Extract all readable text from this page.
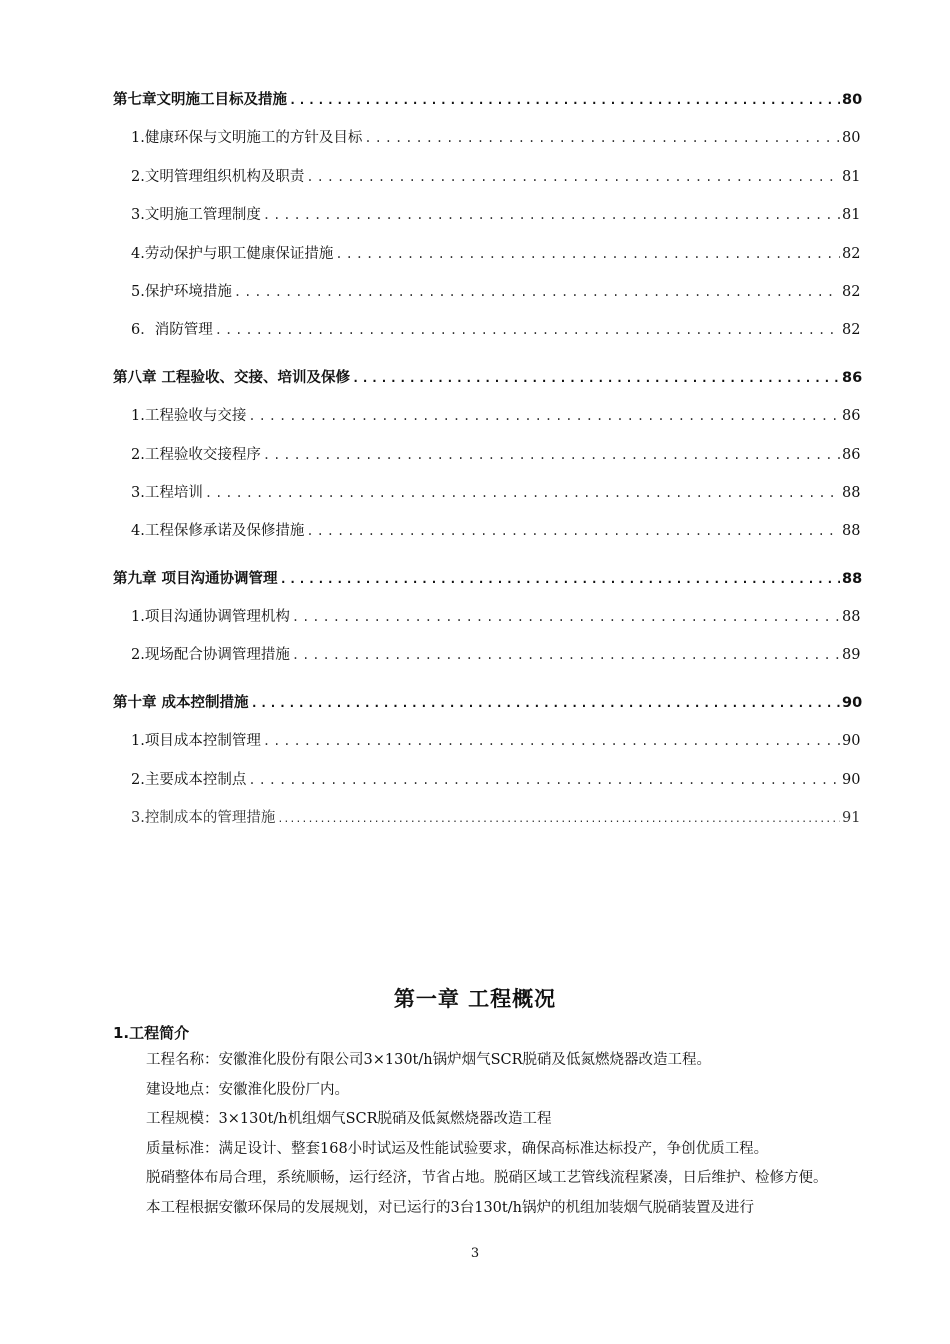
第七章文明施工目标及措施 .....	80
1.健康环保与文明施工的方针及目标 .....	80
2.文明管理组织机构及职责 .....	81
3.文明施工管理制度 .....	81
4.劳动保护与职工健康保证措施 .....	82
5.保护环境措施 .....	82
6．消防管理 .....	82
第八章 工程验收、交接、培训及保修 .....	86
1.工程验收与交接 .....	86
2.工程验收交接程序 .....	86
3.工程培训 .....	88
4.工程保修承诺及保修措施 .....	88
第九章 项目沟通协调管理 .....	88
1.项目沟通协调管理机构 .....	88
2.现场配合协调管理措施 .....	89
第十章 成本控制措施 .....	90
1.项目成本控制管理 .....	90
2.主要成本控制点 .....	90
3.控制成本的管理措施 .....	91
第一章 工程概况
1.工程简介

工程名称：安徽淮化股份有限公司3×130t/h锅炉烟气SCR脱硝及低氮燃烧器改造工程。

建设地点：安徽淮化股份厂内。

工程规模：3×130t/h机组烟气SCR脱硝及低氮燃烧器改造工程

质量标准：满足设计、整套168小时试运及性能试验要求，确保高标准达标投产，争创优质工程。

脱硝整体布局合理，系统顺畅，运行经济，节省占地。脱硝区域工艺管线流程紧凑，日后维护、检修方便。

本工程根据安徽环保局的发展规划，对已运行的3台130t/h锅炉的机组加装烟气脱硝装置及进行

3
